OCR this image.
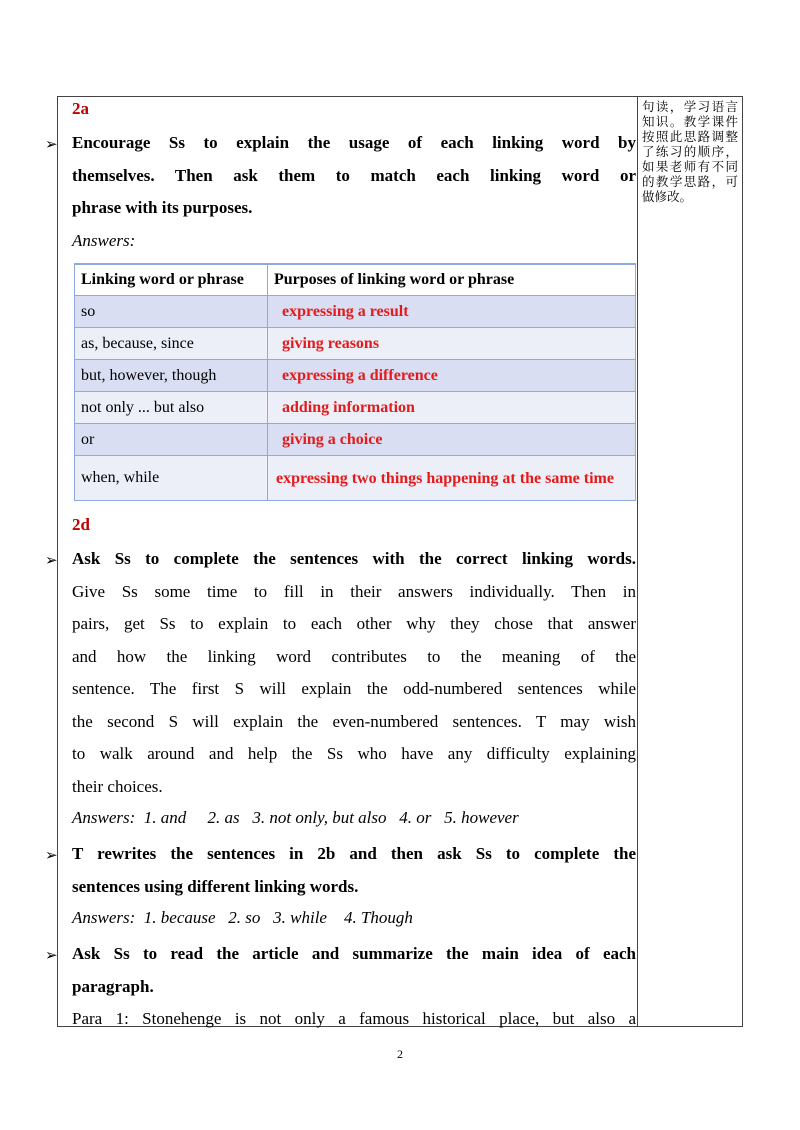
句读，学习语言知识。教学课件按照此思路调整了练习的顺序，如果老师有不同的教学思路，可做修改。
2a
➢ Encourage Ss to explain the usage of each linking word by
themselves. Then ask them to match each linking word or
phrase with its purposes.
Answers:
Linking word or phrase	Purposes of linking word or phrase
so	expressing a result
as, because, since	giving reasons
but, however, though	expressing a difference
not only ... but also	adding information
or	giving a choice
when, while	expressing two things happening at the same time
2d
➢ Ask Ss to complete the sentences with the correct linking words.
Give Ss some time to fill in their answers individually. Then in
pairs, get Ss to explain to each other why they chose that answer
and how the linking word contributes to the meaning of the
sentence. The first S will explain the odd-numbered sentences while
the second S will explain the even-numbered sentences. T may wish
to walk around and help the Ss who have any difficulty explaining
their choices.
Answers:  1. and     2. as   3. not only, but also   4. or   5. however
➢ T rewrites the sentences in 2b and then ask Ss to complete the
sentences using different linking words.
Answers:  1. because   2. so   3. while    4. Though
➢ Ask Ss to read the article and summarize the main idea of each
paragraph.
Para 1: Stonehenge is not only a famous historical place, but also a
2
